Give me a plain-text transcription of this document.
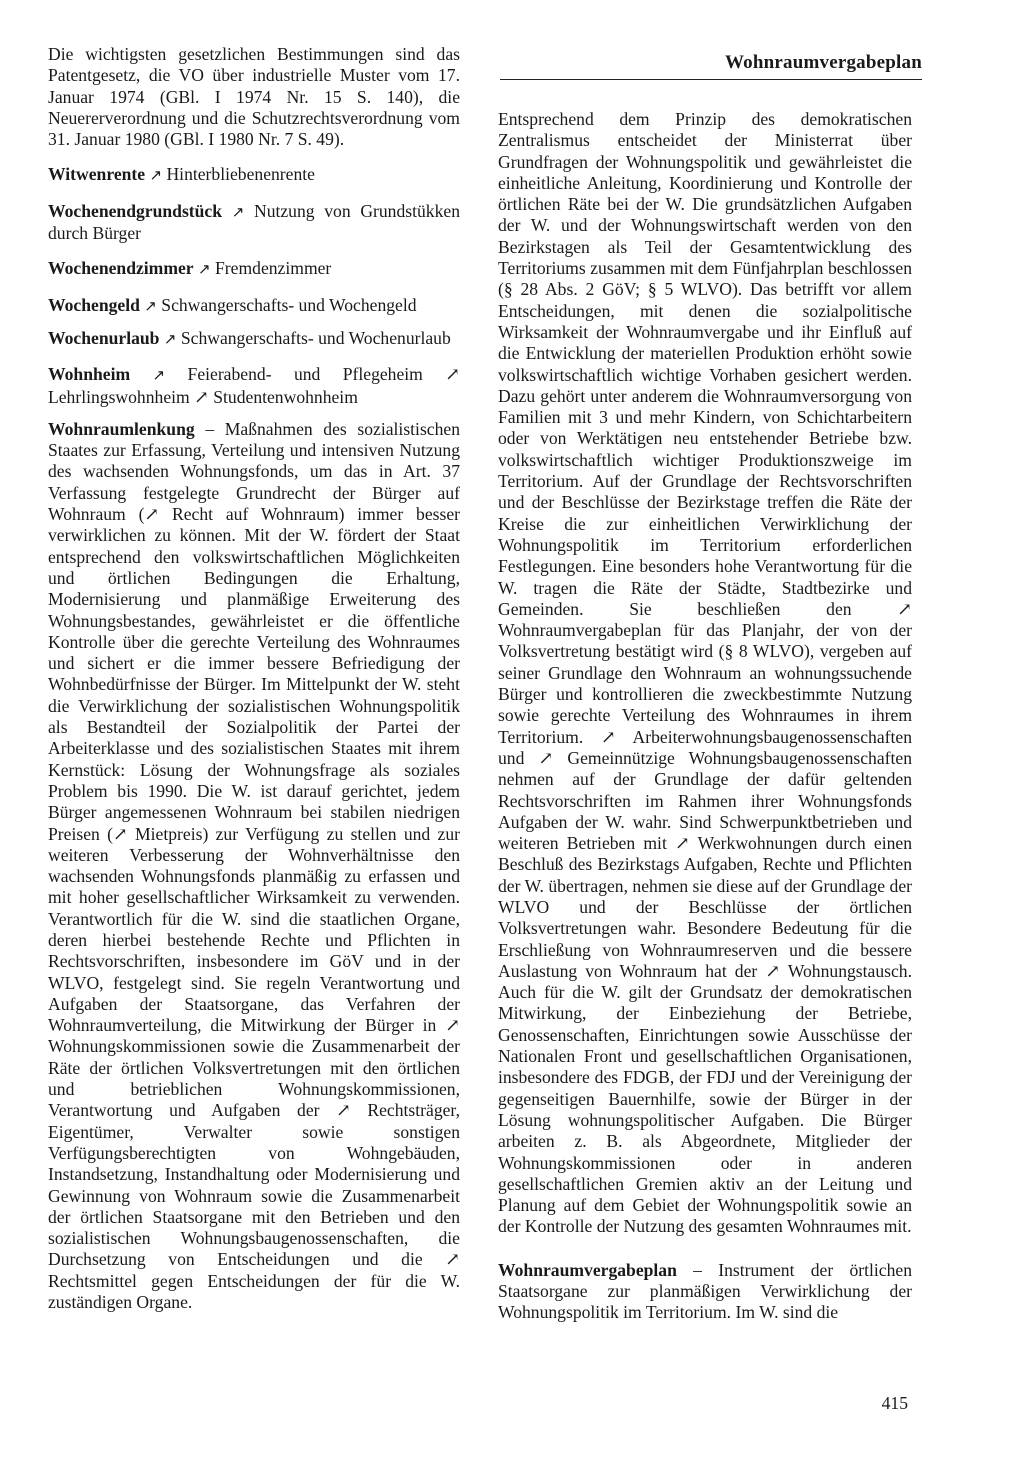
Wohnraumvergabeplan

Die wichtigsten gesetzlichen Bestimmungen sind das Patentgesetz, die VO über industrielle Muster vom 17. Januar 1974 (GBl. I 1974 Nr. 15 S. 140), die Neuererverordnung und die Schutzrechtsverordnung vom 31. Januar 1980 (GBl. I 1980 Nr. 7 S. 49).

Witwenrente ↗ Hinterbliebenenrente

Wochenendgrundstück ↗ Nutzung von Grundstükken durch Bürger

Wochenendzimmer ↗ Fremdenzimmer

Wochengeld ↗ Schwangerschafts- und Wochengeld

Wochenurlaub ↗ Schwangerschafts- und Wochenurlaub

Wohnheim ↗ Feierabend- und Pflegeheim ↗ Lehrlingswohnheim ↗ Studentenwohnheim

Wohnraumlenkung – Maßnahmen des sozialistischen Staates zur Erfassung, Verteilung und intensiven Nutzung des wachsenden Wohnungsfonds, um das in Art. 37 Verfassung festgelegte Grundrecht der Bürger auf Wohnraum (↗ Recht auf Wohnraum) immer besser verwirklichen zu können. Mit der W. fördert der Staat entsprechend den volkswirtschaftlichen Möglichkeiten und örtlichen Bedingungen die Erhaltung, Modernisierung und planmäßige Erweiterung des Wohnungsbestandes, gewährleistet er die öffentliche Kontrolle über die gerechte Verteilung des Wohnraumes und sichert er die immer bessere Befriedigung der Wohnbedürfnisse der Bürger. Im Mittelpunkt der W. steht die Verwirklichung der sozialistischen Wohnungspolitik als Bestandteil der Sozialpolitik der Partei der Arbeiterklasse und des sozialistischen Staates mit ihrem Kernstück: Lösung der Wohnungsfrage als soziales Problem bis 1990. Die W. ist darauf gerichtet, jedem Bürger angemessenen Wohnraum bei stabilen niedrigen Preisen (↗ Mietpreis) zur Verfügung zu stellen und zur weiteren Verbesserung der Wohnverhältnisse den wachsenden Wohnungsfonds planmäßig zu erfassen und mit hoher gesellschaftlicher Wirksamkeit zu verwenden. Verantwortlich für die W. sind die staatlichen Organe, deren hierbei bestehende Rechte und Pflichten in Rechtsvorschriften, insbesondere im GöV und in der WLVO, festgelegt sind. Sie regeln Verantwortung und Aufgaben der Staatsorgane, das Verfahren der Wohnraumverteilung, die Mitwirkung der Bürger in ↗ Wohnungskommissionen sowie die Zusammenarbeit der Räte der örtlichen Volksvertretungen mit den örtlichen und betrieblichen Wohnungskommissionen, Verantwortung und Aufgaben der ↗ Rechtsträger, Eigentümer, Verwalter sowie sonstigen Verfügungsberechtigten von Wohngebäuden, Instandsetzung, Instandhaltung oder Modernisierung und Gewinnung von Wohnraum sowie die Zusammenarbeit der örtlichen Staatsorgane mit den Betrieben und den sozialistischen Wohnungsbaugenossenschaften, die Durchsetzung von Entscheidungen und die ↗ Rechtsmittel gegen Entscheidungen der für die W. zuständigen Organe.

Entsprechend dem Prinzip des demokratischen Zentralismus entscheidet der Ministerrat über Grundfragen der Wohnungspolitik und gewährleistet die einheitliche Anleitung, Koordinierung und Kontrolle der örtlichen Räte bei der W. Die grundsätzlichen Aufgaben der W. und der Wohnungswirtschaft werden von den Bezirkstagen als Teil der Gesamtentwicklung des Territoriums zusammen mit dem Fünfjahrplan beschlossen (§ 28 Abs. 2 GöV; § 5 WLVO). Das betrifft vor allem Entscheidungen, mit denen die sozialpolitische Wirksamkeit der Wohnraumvergabe und ihr Einfluß auf die Entwicklung der materiellen Produktion erhöht sowie volkswirtschaftlich wichtige Vorhaben gesichert werden. Dazu gehört unter anderem die Wohnraumversorgung von Familien mit 3 und mehr Kindern, von Schichtarbeitern oder von Werktätigen neu entstehender Betriebe bzw. volkswirtschaftlich wichtiger Produktionszweige im Territorium. Auf der Grundlage der Rechtsvorschriften und der Beschlüsse der Bezirkstage treffen die Räte der Kreise die zur einheitlichen Verwirklichung der Wohnungspolitik im Territorium erforderlichen Festlegungen. Eine besonders hohe Verantwortung für die W. tragen die Räte der Städte, Stadtbezirke und Gemeinden. Sie beschließen den ↗ Wohnraumvergabeplan für das Planjahr, der von der Volksvertretung bestätigt wird (§ 8 WLVO), vergeben auf seiner Grundlage den Wohnraum an wohnungssuchende Bürger und kontrollieren die zweckbestimmte Nutzung sowie gerechte Verteilung des Wohnraumes in ihrem Territorium. ↗ Arbeiterwohnungsbaugenossenschaften und ↗ Gemeinnützige Wohnungsbaugenossenschaften nehmen auf der Grundlage der dafür geltenden Rechtsvorschriften im Rahmen ihrer Wohnungsfonds Aufgaben der W. wahr. Sind Schwerpunktbetrieben und weiteren Betrieben mit ↗ Werkwohnungen durch einen Beschluß des Bezirkstags Aufgaben, Rechte und Pflichten der W. übertragen, nehmen sie diese auf der Grundlage der WLVO und der Beschlüsse der örtlichen Volksvertretungen wahr. Besondere Bedeutung für die Erschließung von Wohnraumreserven und die bessere Auslastung von Wohnraum hat der ↗ Wohnungstausch. Auch für die W. gilt der Grundsatz der demokratischen Mitwirkung, der Einbeziehung der Betriebe, Genossenschaften, Einrichtungen sowie Ausschüsse der Nationalen Front und gesellschaftlichen Organisationen, insbesondere des FDGB, der FDJ und der Vereinigung der gegenseitigen Bauernhilfe, sowie der Bürger in der Lösung wohnungspolitischer Aufgaben. Die Bürger arbeiten z. B. als Abgeordnete, Mitglieder der Wohnungskommissionen oder in anderen gesellschaftlichen Gremien aktiv an der Leitung und Planung auf dem Gebiet der Wohnungspolitik sowie an der Kontrolle der Nutzung des gesamten Wohnraumes mit.

Wohnraumvergabeplan – Instrument der örtlichen Staatsorgane zur planmäßigen Verwirklichung der Wohnungspolitik im Territorium. Im W. sind die

415
